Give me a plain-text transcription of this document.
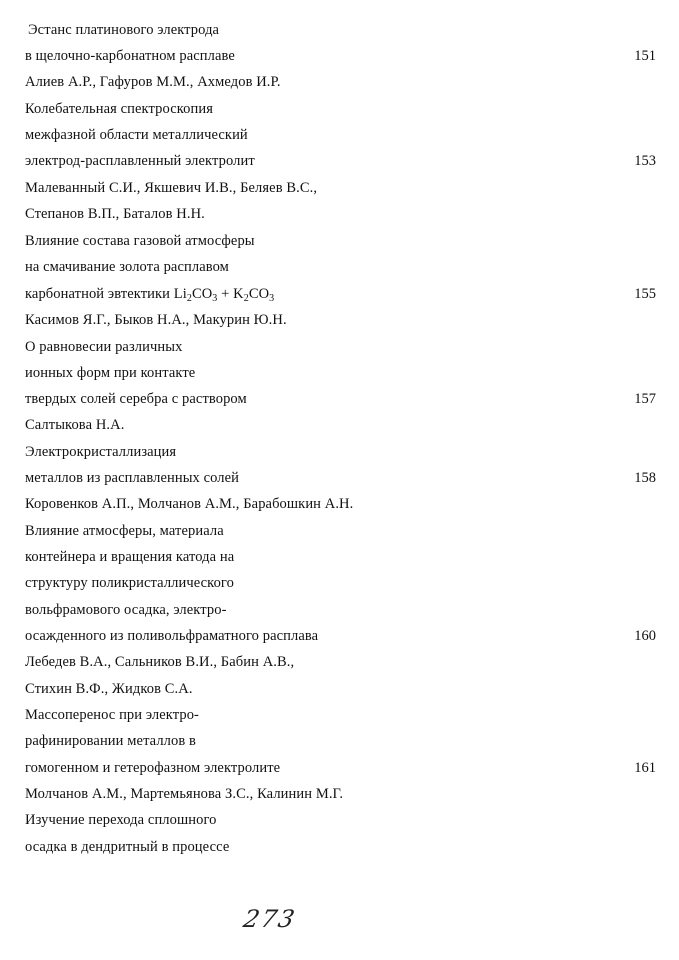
Эстанс платинового электрода
в щелочно-карбонатном расплаве	151
Алиев А.Р., Гафуров М.М., Ахмедов И.Р.
Колебательная спектроскопия
межфазной области металлический
электрод-расплавленный электролит	153
Малеванный С.И., Якшевич И.В., Беляев В.С.,
Степанов В.П., Баталов Н.Н.
Влияние состава газовой атмосферы
на смачивание золота расплавом
карбонатной эвтектики $Li_2CO_3 + K_2CO_3$	155
Касимов Я.Г., Быков Н.А., Макурин Ю.Н.
О равновесии различных
ионных форм при контакте
твердых солей серебра с раствором	157
Салтыкова Н.А.
Электрокристаллизация
металлов из расплавленных солей	158
Коровенков А.П., Молчанов А.М., Барабошкин А.Н.
Влияние атмосферы, материала
контейнера и вращения катода на
структуру поликристаллического
вольфрамового осадка, электро-
осажденного из поливольфраматного расплава	160
Лебедев В.А., Сальников В.И., Бабин А.В.,
Стихин В.Ф., Жидков С.А.
Массоперенос при электро-
рафинировании металлов в
гомогенном и гетерофазном электролите	161
Молчанов А.М., Мартемьянова З.С., Калинин М.Г.
Изучение перехода сплошного
осадка в дендритный в процессе
273
